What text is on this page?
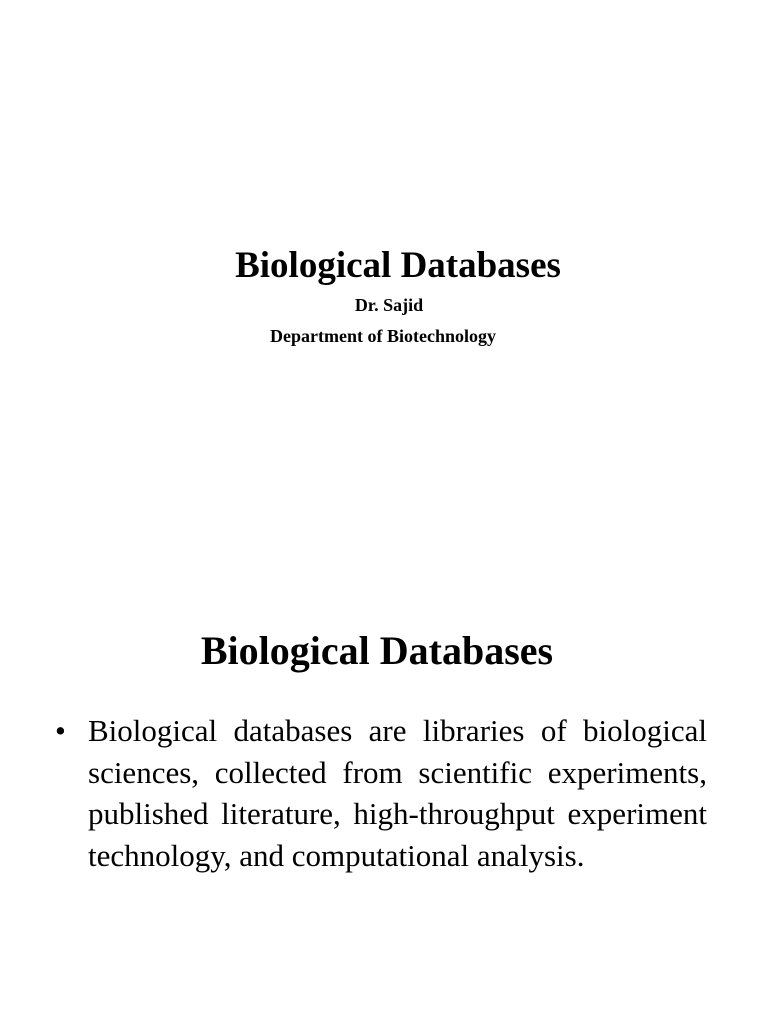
Biological Databases
Dr. Sajid
Department of Biotechnology
Biological Databases
• Biological databases are libraries of biological sciences, collected from scientific experiments, published literature, high-throughput experiment technology, and computational analysis.
